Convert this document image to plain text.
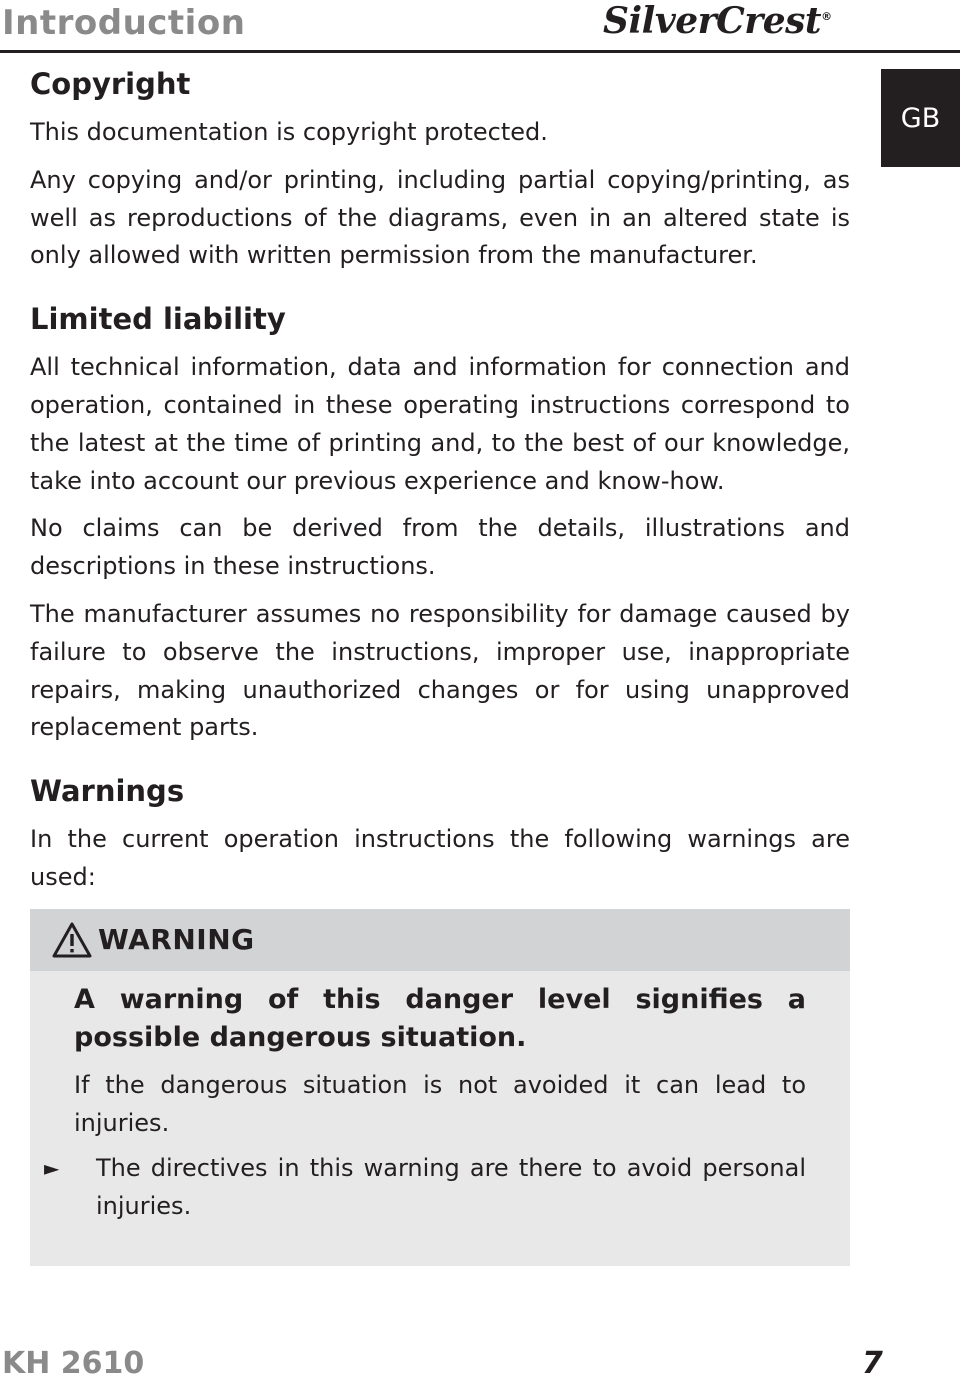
Introduction	SilverCrest®
GB
Copyright

This documentation is copyright protected.

Any copying and/or printing, including partial copying/printing, as well as reproductions of the diagrams, even in an altered state is only allowed with written permission from the manufacturer.

Limited liability

All technical information, data and information for connection and operation, contained in these operating instructions correspond to the latest at the time of printing and, to the best of our knowledge, take into account our previous experience and know-how.

No claims can be derived from the details, illustrations and descriptions in these instructions.

The manufacturer assumes no responsibility for damage caused by failure to observe the instructions, improper use, inappropriate repairs, making unauthorized changes or for using unapproved replacement parts.

Warnings

In the current operation instructions the following warnings are used:

WARNING

A warning of this danger level signifies a possible dangerous situation.

If the dangerous situation is not avoided it can lead to injuries.

►	The directives in this warning are there to avoid personal injuries.

KH 2610	7
